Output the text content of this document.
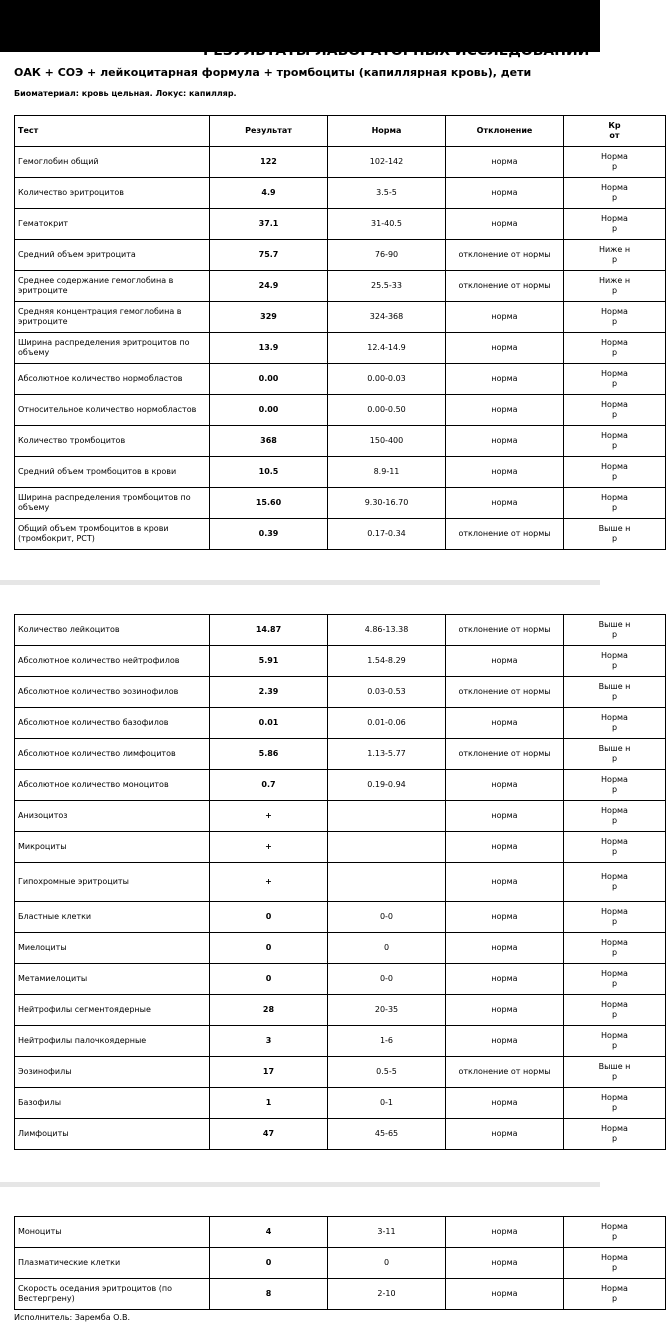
ОАК + СОЭ + лейкоцитарная формула + тромбоциты (капиллярная кровь), дети
Биоматериал: кровь цельная. Локус: капилляр.
Тест	Результат	Норма	Отклонение	Кр
от
Гемоглобин общий	122	102-142	норма	Норма
р
Количество эритроцитов	4.9	3.5-5	норма	Норма
р
Гематокрит	37.1	31-40.5	норма	Норма
р
Средний объем эритроцита	75.7	76-90	отклонение от нормы	Ниже н
р
Среднее содержание гемоглобина в эритроците	24.9	25.5-33	отклонение от нормы	Ниже н
р
Средняя концентрация гемоглобина в эритроците	329	324-368	норма	Норма
р
Ширина распределения эритроцитов по объему	13.9	12.4-14.9	норма	Норма
р
Абсолютное количество нормобластов	0.00	0.00-0.03	норма	Норма
р
Относительное количество нормобластов	0.00	0.00-0.50	норма	Норма
р
Количество тромбоцитов	368	150-400	норма	Норма
р
Средний объем тромбоцитов в крови	10.5	8.9-11	норма	Норма
р
Ширина распределения тромбоцитов по объему	15.60	9.30-16.70	норма	Норма
р
Общий объем тромбоцитов в крови (тромбокрит, PCT)	0.39	0.17-0.34	отклонение от нормы	Выше н
р
Количество лейкоцитов	14.87	4.86-13.38	отклонение от нормы	Выше н
р
Абсолютное количество нейтрофилов	5.91	1.54-8.29	норма	Норма
р
Абсолютное количество эозинофилов	2.39	0.03-0.53	отклонение от нормы	Выше н
р
Абсолютное количество базофилов	0.01	0.01-0.06	норма	Норма
р
Абсолютное количество лимфоцитов	5.86	1.13-5.77	отклонение от нормы	Выше н
р
Абсолютное количество моноцитов	0.7	0.19-0.94	норма	Норма
р
Анизоцитоз	+		норма	Норма
р
Микроциты	+		норма	Норма
р
Гипохромные эритроциты	+		норма	Норма
р
Бластные клетки	0	0-0	норма	Норма
р
Миелоциты	0	0	норма	Норма
р
Метамиелоциты	0	0-0	норма	Норма
р
Нейтрофилы сегментоядерные	28	20-35	норма	Норма
р
Нейтрофилы палочкоядерные	3	1-6	норма	Норма
р
Эозинофилы	17	0.5-5	отклонение от нормы	Выше н
р
Базофилы	1	0-1	норма	Норма
р
Лимфоциты	47	45-65	норма	Норма
р
Моноциты	4	3-11	норма	Норма
р
Плазматические клетки	0	0	норма	Норма
р
Скорость оседания эритроцитов (по Вестергрену)	8	2-10	норма	Норма
р
Исполнитель: Заремба О.В.
